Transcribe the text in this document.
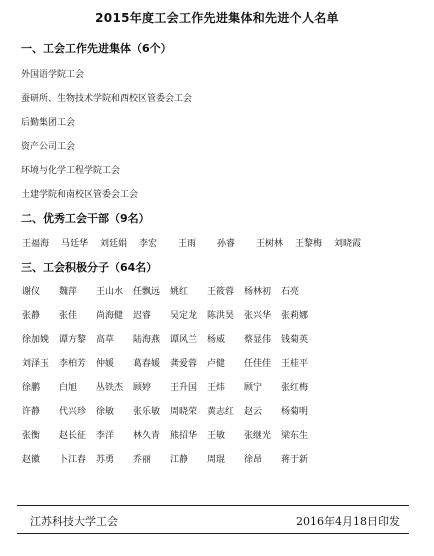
2015年度工会工作先进集体和先进个人名单
一、工会工作先进集体（6个）
外国语学院工会
蚕研所、生物技术学院和西校区管委会工会
后勤集团工会
资产公司工会
环境与化学工程学院工会
土建学院和南校区管委会工会
二、优秀工会干部（9名）
王福海 马廷华 刘廷娟 李宏 王雨 孙睿 王树林 王黎梅 刘晓霞
三、工会积极分子（64名）
谢仪 魏萍 王山水 任飘远 姚红 王筱蓉 杨林初 石亮
张静 张佳 尚海健 迟睿 吴定龙 陈洪昊 张兴华 张莉娜
徐加娩 谭方黎 高草 陆海燕 谭风兰 杨威 蔡显伟 钱菊英
刘泽玉 李柏芳 仲媛 葛春媛 龚爱蓉 卢健 任佳佳 王桂平
徐鹏 白旭 丛铁杰 顾婷 王升国 王炜 顾宁 张红梅
许静 代兴珍 徐敏 张乐敏 周晓荣 黄志红 赵云 杨菊明
张衡 赵长征 李洋 林久青 熊招华 王敏 张继光 梁东生
赵徽 卜江春 苏勇 乔丽 江静 周琨 徐昂 蒋于新
江苏科技大学工会	2016年4月18日印发
